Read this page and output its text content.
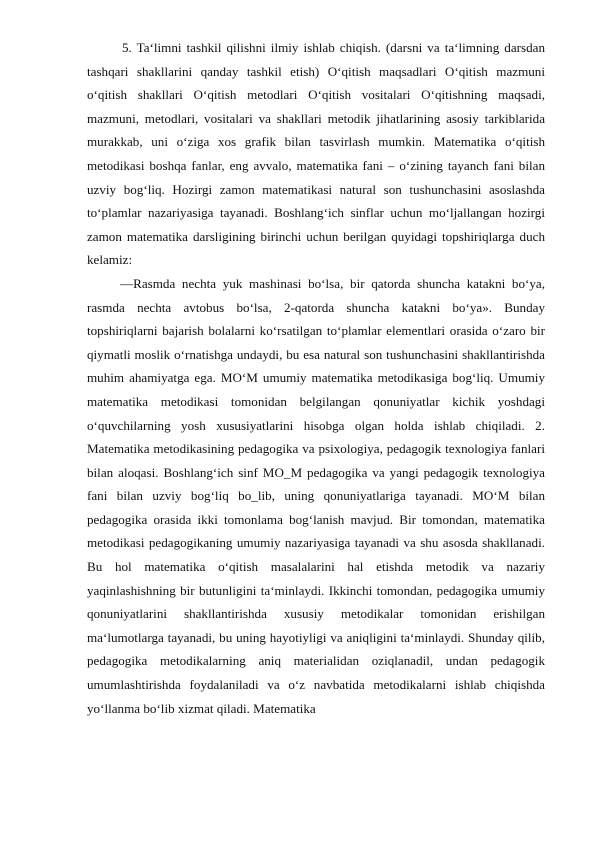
5. Ta‘limni tashkil qilishni ilmiy ishlab chiqish. (darsni va ta‘limning darsdan tashqari shakllarini qanday tashkil etish) O‘qitish maqsadlari O‘qitish mazmuni o‘qitish shakllari O‘qitish metodlari O‘qitish vositalari O‘qitishning maqsadi, mazmuni, metodlari, vositalari va shakllari metodik jihatlarining asosiy tarkiblarida murakkab, uni o‘ziga xos grafik bilan tasvirlash mumkin. Matematika o‘qitish metodikasi boshqa fanlar, eng avvalo, matematika fani – o‘zining tayanch fani bilan uzviy bog‘liq. Hozirgi zamon matematikasi natural son tushunchasini asoslashda to‘plamlar nazariyasiga tayanadi. Boshlang‘ich sinflar uchun mo‘ljallangan hozirgi zamon matematika darsligining birinchi uchun berilgan quyidagi topshiriqlarga duch kelamiz:

―Rasmda nechta yuk mashinasi bo‘lsa, bir qatorda shuncha katakni bo‘ya, rasmda nechta avtobus bo‘lsa, 2-qatorda shuncha katakni bo‘ya». Bunday topshiriqlarni bajarish bolalarni ko‘rsatilgan to‘plamlar elementlari orasida o‘zaro bir qiymatli moslik o‘rnatishga undaydi, bu esa natural son tushunchasini shakllantirishda muhim ahamiyatga ega. MO‘M umumiy matematika metodikasiga bog‘liq. Umumiy matematika metodikasi tomonidan belgilangan qonuniyatlar kichik yoshdagi o‘quvchilarning yosh xususiyatlarini hisobga olgan holda ishlab chiqiladi. 2. Matematika metodikasining pedagogika va psixologiya, pedagogik texnologiya fanlari bilan aloqasi. Boshlang‘ich sinf MO_M pedagogika va yangi pedagogik texnologiya fani bilan uzviy bog‘liq bo_lib, uning qonuniyatlariga tayanadi. MO‘M bilan pedagogika orasida ikki tomonlama bog‘lanish mavjud. Bir tomondan, matematika metodikasi pedagogikaning umumiy nazariyasiga tayanadi va shu asosda shakllanadi. Bu hol matematika o‘qitish masalalarini hal etishda metodik va nazariy yaqinlashishning bir butunligini ta‘minlaydi. Ikkinchi tomondan, pedagogika umumiy qonuniyatlarini shakllantirishda xususiy metodikalar tomonidan erishilgan ma‘lumotlarga tayanadi, bu uning hayotiyligi va aniqligini ta‘minlaydi. Shunday qilib, pedagogika metodikalarning aniq materialidan oziqlanadil, undan pedagogik umumlashtirishda foydalaniladi va o‘z navbatida metodikalarni ishlab chiqishda yo‘llanma bo‘lib xizmat qiladi. Matematika
